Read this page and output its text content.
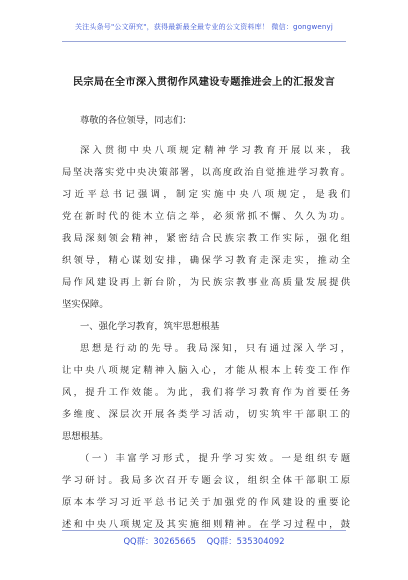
关注头条号"公文研究"，获得最新最全最专业的公文资料库！ 微信：gongwenyj
民宗局在全市深入贯彻作风建设专题推进会上的汇报发言
尊敬的各位领导，同志们：
深入贯彻中央八项规定精神学习教育开展以来，我
局坚决落实党中央决策部署，以高度政治自觉推进学习教育。
习近平总书记强调，制定实施中央八项规定，是我们
党在新时代的徙木立信之举，必须常抓不懈、久久为功。
我局深刻领会精神，紧密结合民族宗教工作实际，强化组
织领导，精心谋划安排，确保学习教育走深走实，推动全
局作风建设再上新台阶，为民族宗教事业高质量发展提供
坚实保障。
一、强化学习教育，筑牢思想根基
思想是行动的先导。我局深知，只有通过深入学习，
让中央八项规定精神入脑入心，才能从根本上转变工作作
风，提升工作效能。为此，我们将学习教育作为首要任务
多维度、深层次开展各类学习活动，切实筑牢干部职工的
思想根基。
（一）丰富学习形式，提升学习实效。一是组织专题
学习研讨。我局多次召开专题会议，组织全体干部职工原
原本本学习习近平总书记关于加强党的作风建设的重要论
述和中央八项规定及其实施细则精神。在学习过程中，鼓
QQ群：30265665 QQ群：535304092
